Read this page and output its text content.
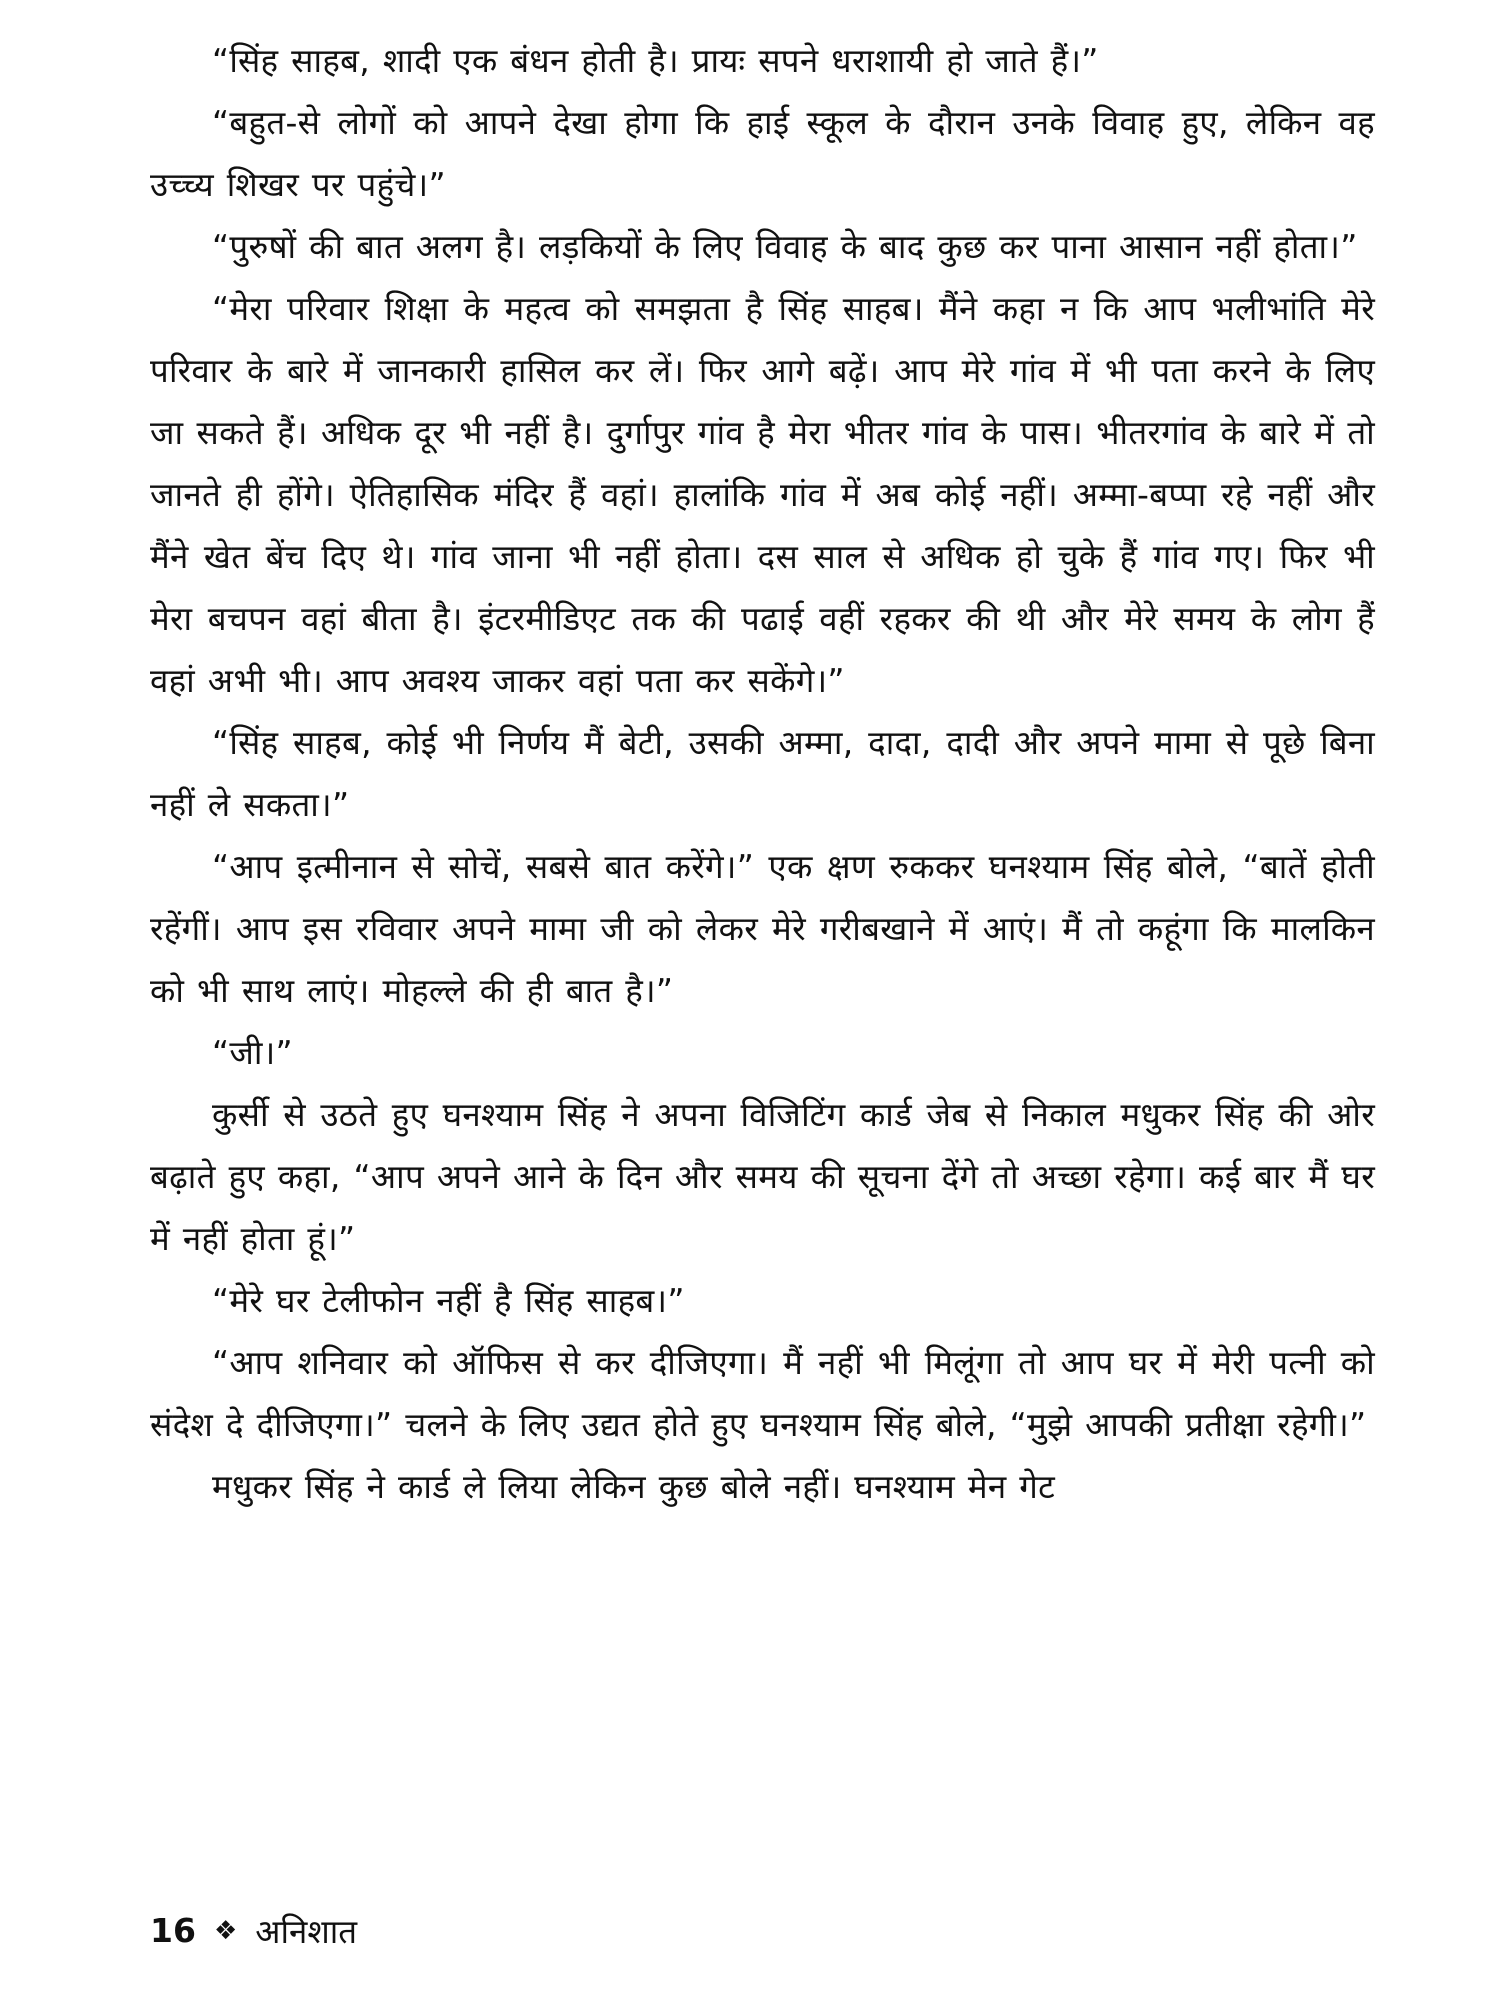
“सिंह साहब, शादी एक बंधन होती है। प्रायः सपने धराशायी हो जाते हैं।”

“बहुत-से लोगों को आपने देखा होगा कि हाई स्कूल के दौरान उनके विवाह हुए, लेकिन वह उच्च्य शिखर पर पहुंचे।”

“पुरुषों की बात अलग है। लड़कियों के लिए विवाह के बाद कुछ कर पाना आसान नहीं होता।”

“मेरा परिवार शिक्षा के महत्व को समझता है सिंह साहब। मैंने कहा न कि आप भलीभांति मेरे परिवार के बारे में जानकारी हासिल कर लें। फिर आगे बढ़ें। आप मेरे गांव में भी पता करने के लिए जा सकते हैं। अधिक दूर भी नहीं है। दुर्गापुर गांव है मेरा भीतर गांव के पास। भीतरगांव के बारे में तो जानते ही होंगे। ऐतिहासिक मंदिर हैं वहां। हालांकि गांव में अब कोई नहीं। अम्मा-बप्पा रहे नहीं और मैंने खेत बेंच दिए थे। गांव जाना भी नहीं होता। दस साल से अधिक हो चुके हैं गांव गए। फिर भी मेरा बचपन वहां बीता है। इंटरमीडिएट तक की पढाई वहीं रहकर की थी और मेरे समय के लोग हैं वहां अभी भी। आप अवश्य जाकर वहां पता कर सकेंगे।”

“सिंह साहब, कोई भी निर्णय मैं बेटी, उसकी अम्मा, दादा, दादी और अपने मामा से पूछे बिना नहीं ले सकता।”

“आप इत्मीनान से सोचें, सबसे बात करेंगे।” एक क्षण रुककर घनश्याम सिंह बोले, “बातें होती रहेंगीं। आप इस रविवार अपने मामा जी को लेकर मेरे गरीबखाने में आएं। मैं तो कहूंगा कि मालकिन को भी साथ लाएं। मोहल्ले की ही बात है।”

“जी।”

कुर्सी से उठते हुए घनश्याम सिंह ने अपना विजिटिंग कार्ड जेब से निकाल मधुकर सिंह की ओर बढ़ाते हुए कहा, “आप अपने आने के दिन और समय की सूचना देंगे तो अच्छा रहेगा। कई बार मैं घर में नहीं होता हूं।”

“मेरे घर टेलीफोन नहीं है सिंह साहब।”

“आप शनिवार को ऑफिस से कर दीजिएगा। मैं नहीं भी मिलूंगा तो आप घर में मेरी पत्नी को संदेश दे दीजिएगा।” चलने के लिए उद्यत होते हुए घनश्याम सिंह बोले, “मुझे आपकी प्रतीक्षा रहेगी।”

मधुकर सिंह ने कार्ड ले लिया लेकिन कुछ बोले नहीं। घनश्याम मेन गेट

16 ❖ अनिशात
